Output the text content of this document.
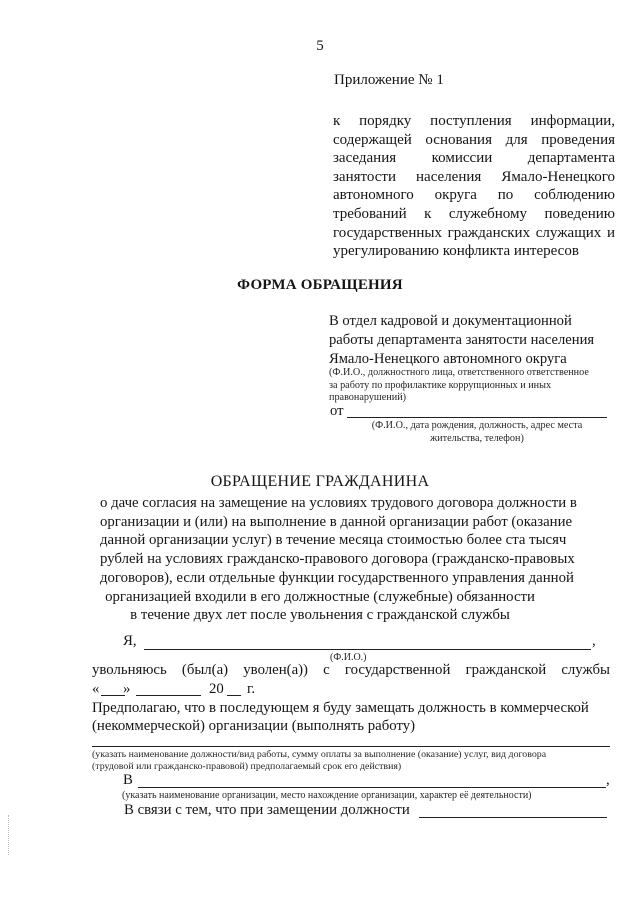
5
Приложение № 1
к порядку поступления информации,
содержащей основания для проведения
заседания комиссии департамента
занятости населения Ямало-Ненецкого
автономного округа по соблюдению
требований к служебному поведению
государственных гражданских служащих и
урегулированию конфликта интересов
ФОРМА ОБРАЩЕНИЯ
В отдел кадровой и документационной
работы департамента занятости населения
Ямало-Ненецкого автономного округа
(Ф.И.О., должностного лица, ответственного ответственное
за работу по профилактике коррупционных и иных
правонарушений)
от
(Ф.И.О., дата рождения, должность, адрес места
жительства, телефон)
ОБРАЩЕНИЕ ГРАЖДАНИНА
о даче согласия на замещение на условиях трудового договора должности в
организации и (или) на выполнение в данной организации работ (оказание
данной организации услуг) в течение месяца стоимостью более ста тысяч
рублей на условиях гражданско-правового договора (гражданско-правовых
договоров), если отдельные функции государственного управления данной
организацией входили в его должностные (служебные) обязанности
в течение двух лет после увольнения с гражданской службы
Я,	,
(Ф.И.О.)
увольняюсь (был(а) уволен(а)) с государственной гражданской службы
« »	20 г.
Предполагаю, что в последующем я буду замещать должность в коммерческой
(некоммерческой) организации (выполнять работу)
(указать наименование должности/вид работы, сумму оплаты за выполнение (оказание) услуг, вид договора
(трудовой или гражданско-правовой) предполагаемый срок его действия)
В	,
(указать наименование организации, место нахождение организации, характер её деятельности)
В связи с тем, что при замещении должности
